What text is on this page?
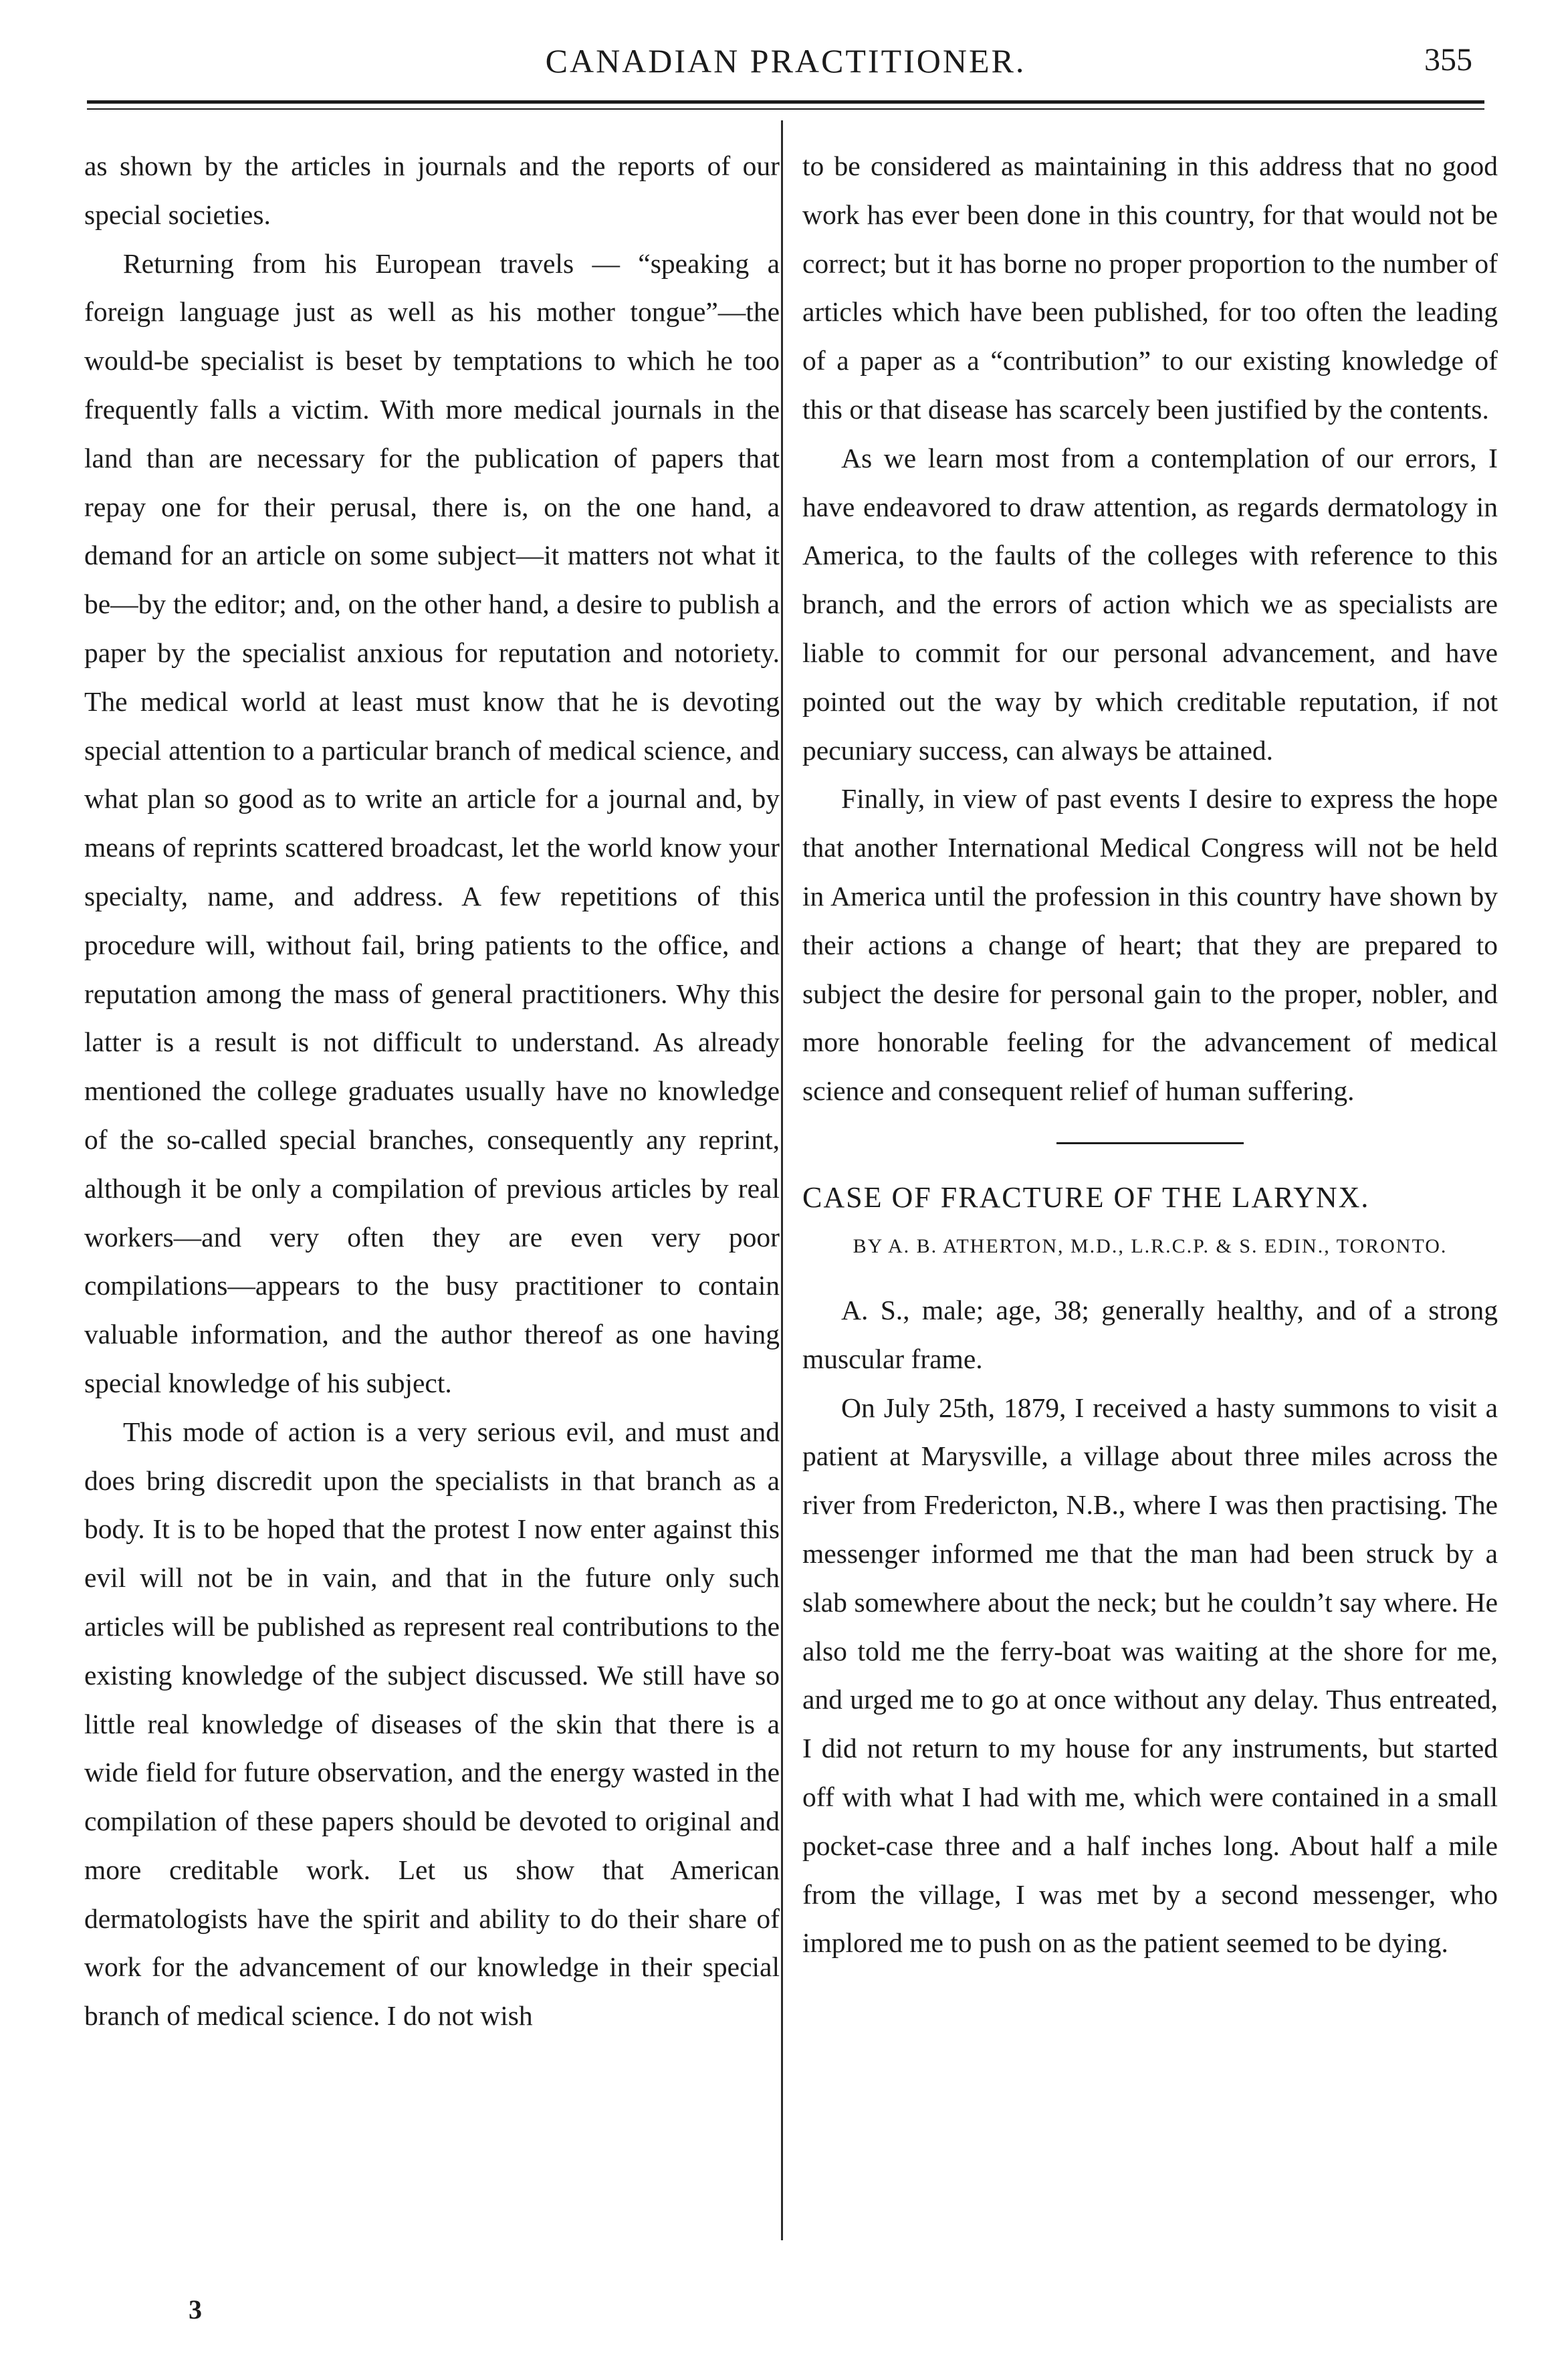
CANADIAN PRACTITIONER.	355

as shown by the articles in journals and the reports of our special societies.

Returning from his European travels — “speaking a foreign language just as well as his mother tongue”—the would-be specialist is beset by temptations to which he too frequently falls a victim. With more medical journals in the land than are necessary for the publication of papers that repay one for their perusal, there is, on the one hand, a demand for an article on some subject—it matters not what it be—by the editor; and, on the other hand, a desire to publish a paper by the specialist anxious for reputation and notoriety. The medical world at least must know that he is devoting special attention to a particular branch of medical science, and what plan so good as to write an article for a journal and, by means of reprints scattered broadcast, let the world know your specialty, name, and address. A few repetitions of this procedure will, without fail, bring patients to the office, and reputation among the mass of general practitioners. Why this latter is a result is not difficult to understand. As already mentioned the college graduates usually have no knowledge of the so-called special branches, consequently any reprint, although it be only a compilation of previous articles by real workers—and very often they are even very poor compilations—appears to the busy practitioner to contain valuable information, and the author thereof as one having special knowledge of his subject.

This mode of action is a very serious evil, and must and does bring discredit upon the specialists in that branch as a body. It is to be hoped that the protest I now enter against this evil will not be in vain, and that in the future only such articles will be published as represent real contributions to the existing knowledge of the subject discussed. We still have so little real knowledge of diseases of the skin that there is a wide field for future observation, and the energy wasted in the compilation of these papers should be devoted to original and more creditable work. Let us show that American dermatologists have the spirit and ability to do their share of work for the advancement of our knowledge in their special branch of medical science. I do not wish

to be considered as maintaining in this address that no good work has ever been done in this country, for that would not be correct; but it has borne no proper proportion to the number of articles which have been published, for too often the leading of a paper as a “contribution” to our existing knowledge of this or that disease has scarcely been justified by the contents.

As we learn most from a contemplation of our errors, I have endeavored to draw attention, as regards dermatology in America, to the faults of the colleges with reference to this branch, and the errors of action which we as specialists are liable to commit for our personal advancement, and have pointed out the way by which creditable reputation, if not pecuniary success, can always be attained.

Finally, in view of past events I desire to express the hope that another International Medical Congress will not be held in America until the profession in this country have shown by their actions a change of heart; that they are prepared to subject the desire for personal gain to the proper, nobler, and more honorable feeling for the advancement of medical science and consequent relief of human suffering.

CASE OF FRACTURE OF THE LARYNX.
BY A. B. ATHERTON, M.D., L.R.C.P. & S. EDIN., TORONTO.

A. S., male; age, 38; generally healthy, and of a strong muscular frame.

On July 25th, 1879, I received a hasty summons to visit a patient at Marysville, a village about three miles across the river from Fredericton, N.B., where I was then practising. The messenger informed me that the man had been struck by a slab somewhere about the neck; but he couldn’t say where. He also told me the ferry-boat was waiting at the shore for me, and urged me to go at once without any delay. Thus entreated, I did not return to my house for any instruments, but started off with what I had with me, which were contained in a small pocket-case three and a half inches long. About half a mile from the village, I was met by a second messenger, who implored me to push on as the patient seemed to be dying.

3
